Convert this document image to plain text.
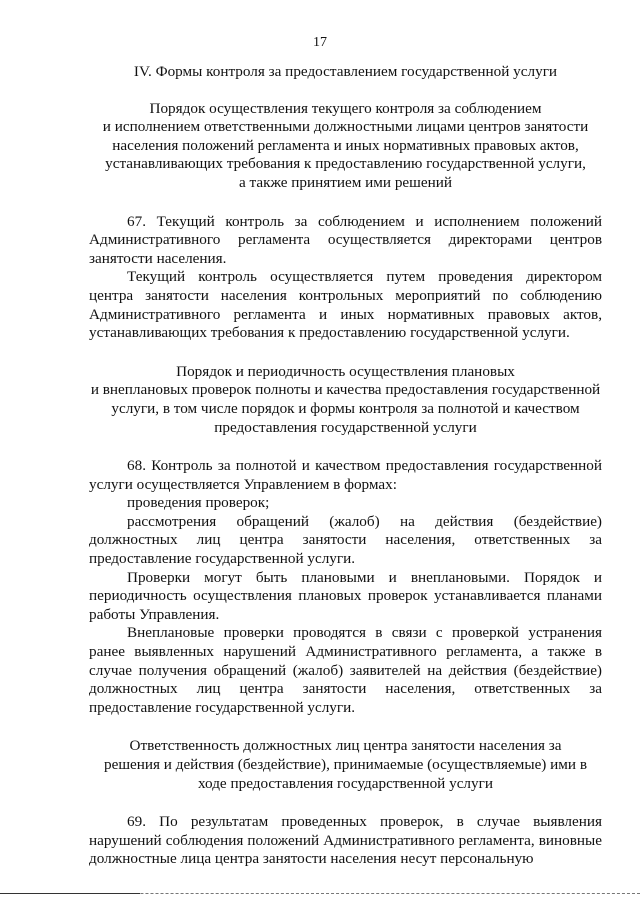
17
IV. Формы контроля за предоставлением государственной услуги
Порядок осуществления текущего контроля за соблюдением
и исполнением ответственными должностными лицами центров занятости
населения положений регламента и иных нормативных правовых актов,
устанавливающих требования к предоставлению государственной услуги,
а также принятием ими решений

67. Текущий контроль за соблюдением и исполнением положений Административного регламента осуществляется директорами центров занятости населения.

Текущий контроль осуществляется путем проведения директором центра занятости населения контрольных мероприятий по соблюдению Административного регламента и иных нормативных правовых актов, устанавливающих требования к предоставлению государственной услуги.

Порядок и периодичность осуществления плановых
и внеплановых проверок полноты и качества предоставления государственной
услуги, в том числе порядок и формы контроля за полнотой и качеством
предоставления государственной услуги

68. Контроль за полнотой и качеством предоставления государственной услуги осуществляется Управлением в формах:

проведения проверок;

рассмотрения обращений (жалоб) на действия (бездействие) должностных лиц центра занятости населения, ответственных за предоставление государственной услуги.

Проверки могут быть плановыми и внеплановыми. Порядок и периодичность осуществления плановых проверок устанавливается планами работы Управления.

Внеплановые проверки проводятся в связи с проверкой устранения ранее выявленных нарушений Административного регламента, а также в случае получения обращений (жалоб) заявителей на действия (бездействие) должностных лиц центра занятости населения, ответственных за предоставление государственной услуги.

Ответственность должностных лиц центра занятости населения за
решения и действия (бездействие), принимаемые (осуществляемые) ими в
ходе предоставления государственной услуги

69. По результатам проведенных проверок, в случае выявления нарушений соблюдения положений Административного регламента, виновные должностные лица центра занятости населения несут персональную
